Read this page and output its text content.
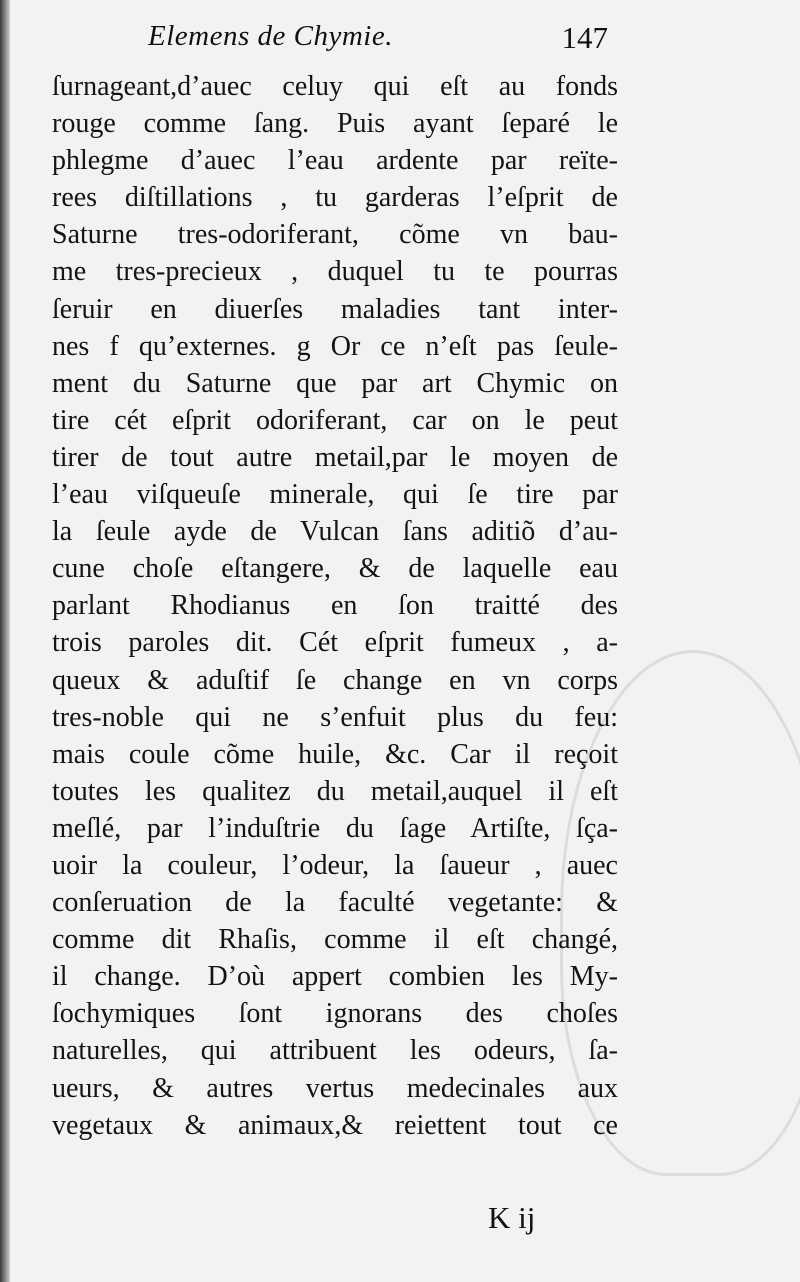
Elemens de Chymie.	147
ſurnageant,d’auec celuy qui eſt au fonds
rouge comme ſang. Puis ayant ſeparé le
phlegme d’auec l’eau ardente par reïte-
rees diſtillations , tu garderas l’eſprit de
Saturne tres-odoriferant, cõme vn bau-
me tres-precieux , duquel tu te pourras
ſeruir en diuerſes maladies tant inter-
nes f qu’externes. g Or ce n’eſt pas ſeule-
ment du Saturne que par art Chymic on
tire cét eſprit odoriferant, car on le peut
tirer de tout autre metail,par le moyen de
l’eau viſqueuſe minerale, qui ſe tire par
la ſeule ayde de Vulcan ſans aditiõ d’au-
cune choſe eſtangere, & de laquelle eau
parlant Rhodianus en ſon traitté des
trois paroles dit. Cét eſprit fumeux , a-
queux & aduſtif ſe change en vn corps
tres-noble qui ne s’enfuit plus du feu:
mais coule cõme huile, &c. Car il reçoit
toutes les qualitez du metail,auquel il eſt
meſlé, par l’induſtrie du ſage Artiſte, ſça-
uoir la couleur, l’odeur, la ſaueur , auec
conſeruation de la faculté vegetante: &
comme dit Rhaſis, comme il eſt changé,
il change. D’où appert combien les My-
ſochymiques ſont ignorans des choſes
naturelles, qui attribuent les odeurs, ſa-
ueurs, & autres vertus medecinales aux
vegetaux & animaux,& reiettent tout ce
K ij
